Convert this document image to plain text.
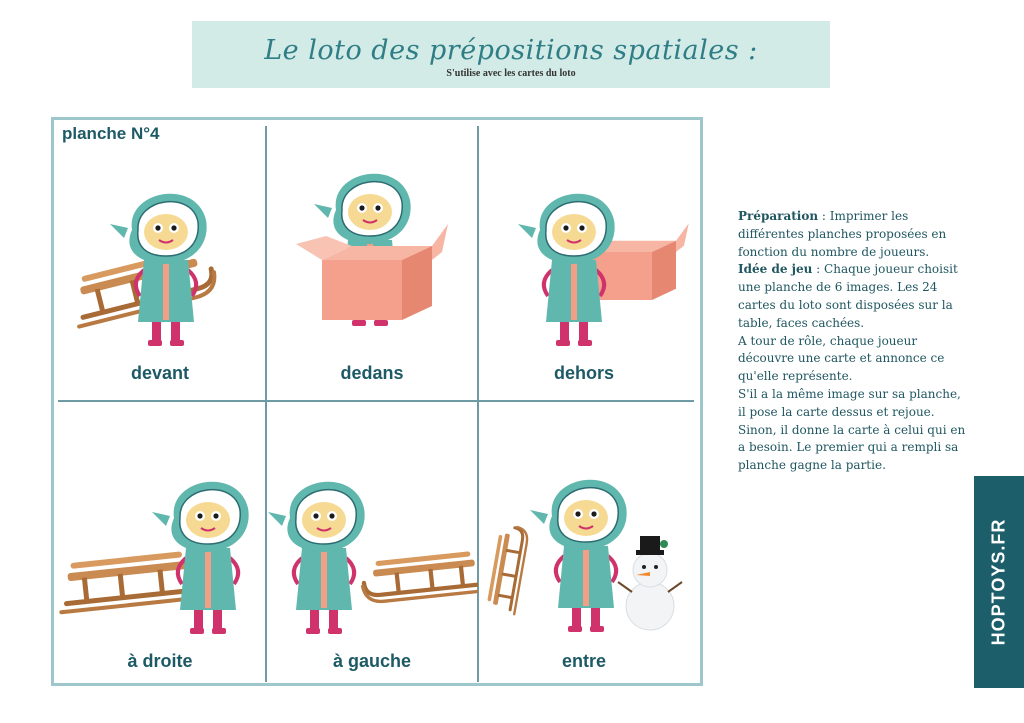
Le loto des prépositions spatiales :
S'utilise avec les cartes du loto
planche N°4
devant	dedans	dehors
à droite	à gauche	entre
Préparation : Imprimer les différentes planches proposées en fonction du nombre de joueurs.
Idée de jeu : Chaque joueur choisit une planche de 6 images. Les 24 cartes du loto sont disposées sur la table, faces cachées.
A tour de rôle, chaque joueur découvre une carte et annonce ce qu'elle représente.
S'il a la même image sur sa planche, il pose la carte dessus et rejoue. Sinon, il donne la carte à celui qui en a besoin. Le premier qui a rempli sa planche gagne la partie.
HOPTOYS.FR
